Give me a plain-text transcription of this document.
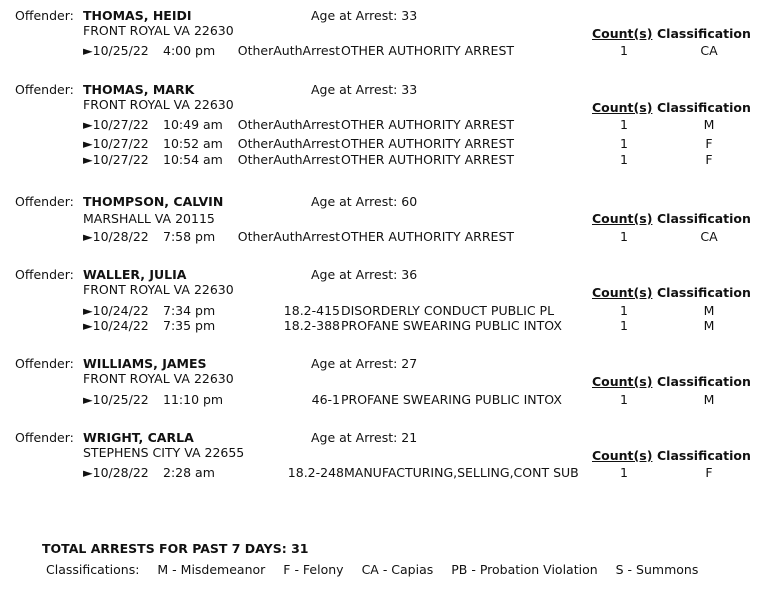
Offender: THOMAS, HEIDI	Age at Arrest: 33
FRONT ROYAL VA 22630	Count(s) Classification
►10/25/22 4:00 pm OtherAuthArrest OTHER AUTHORITY ARREST	1	CA
Offender: THOMAS, MARK	Age at Arrest: 33
FRONT ROYAL VA 22630	Count(s) Classification
►10/27/22 10:49 am OtherAuthArrest OTHER AUTHORITY ARREST	1	M
►10/27/22 10:52 am OtherAuthArrest OTHER AUTHORITY ARREST	1	F
►10/27/22 10:54 am OtherAuthArrest OTHER AUTHORITY ARREST	1	F
Offender: THOMPSON, CALVIN	Age at Arrest: 60
MARSHALL VA 20115	Count(s) Classification
►10/28/22 7:58 pm OtherAuthArrest OTHER AUTHORITY ARREST	1	CA
Offender: WALLER, JULIA	Age at Arrest: 36
FRONT ROYAL VA 22630	Count(s) Classification
►10/24/22 7:34 pm	18.2-415 DISORDERLY CONDUCT PUBLIC PL	1	M
►10/24/22 7:35 pm	18.2-388 PROFANE SWEARING PUBLIC INTOX	1	M
Offender: WILLIAMS, JAMES	Age at Arrest: 27
FRONT ROYAL VA 22630	Count(s) Classification
►10/25/22 11:10 pm	46-1 PROFANE SWEARING PUBLIC INTOX	1	M
Offender: WRIGHT, CARLA	Age at Arrest: 21
STEPHENS CITY VA 22655	Count(s) Classification
►10/28/22 2:28 am	18.2-248 MANUFACTURING,SELLING,CONT SUB	1	F
TOTAL ARRESTS FOR PAST 7 DAYS: 31
Classifications: M - Misdemeanor F - Felony CA - Capias PB - Probation Violation S - Summons
